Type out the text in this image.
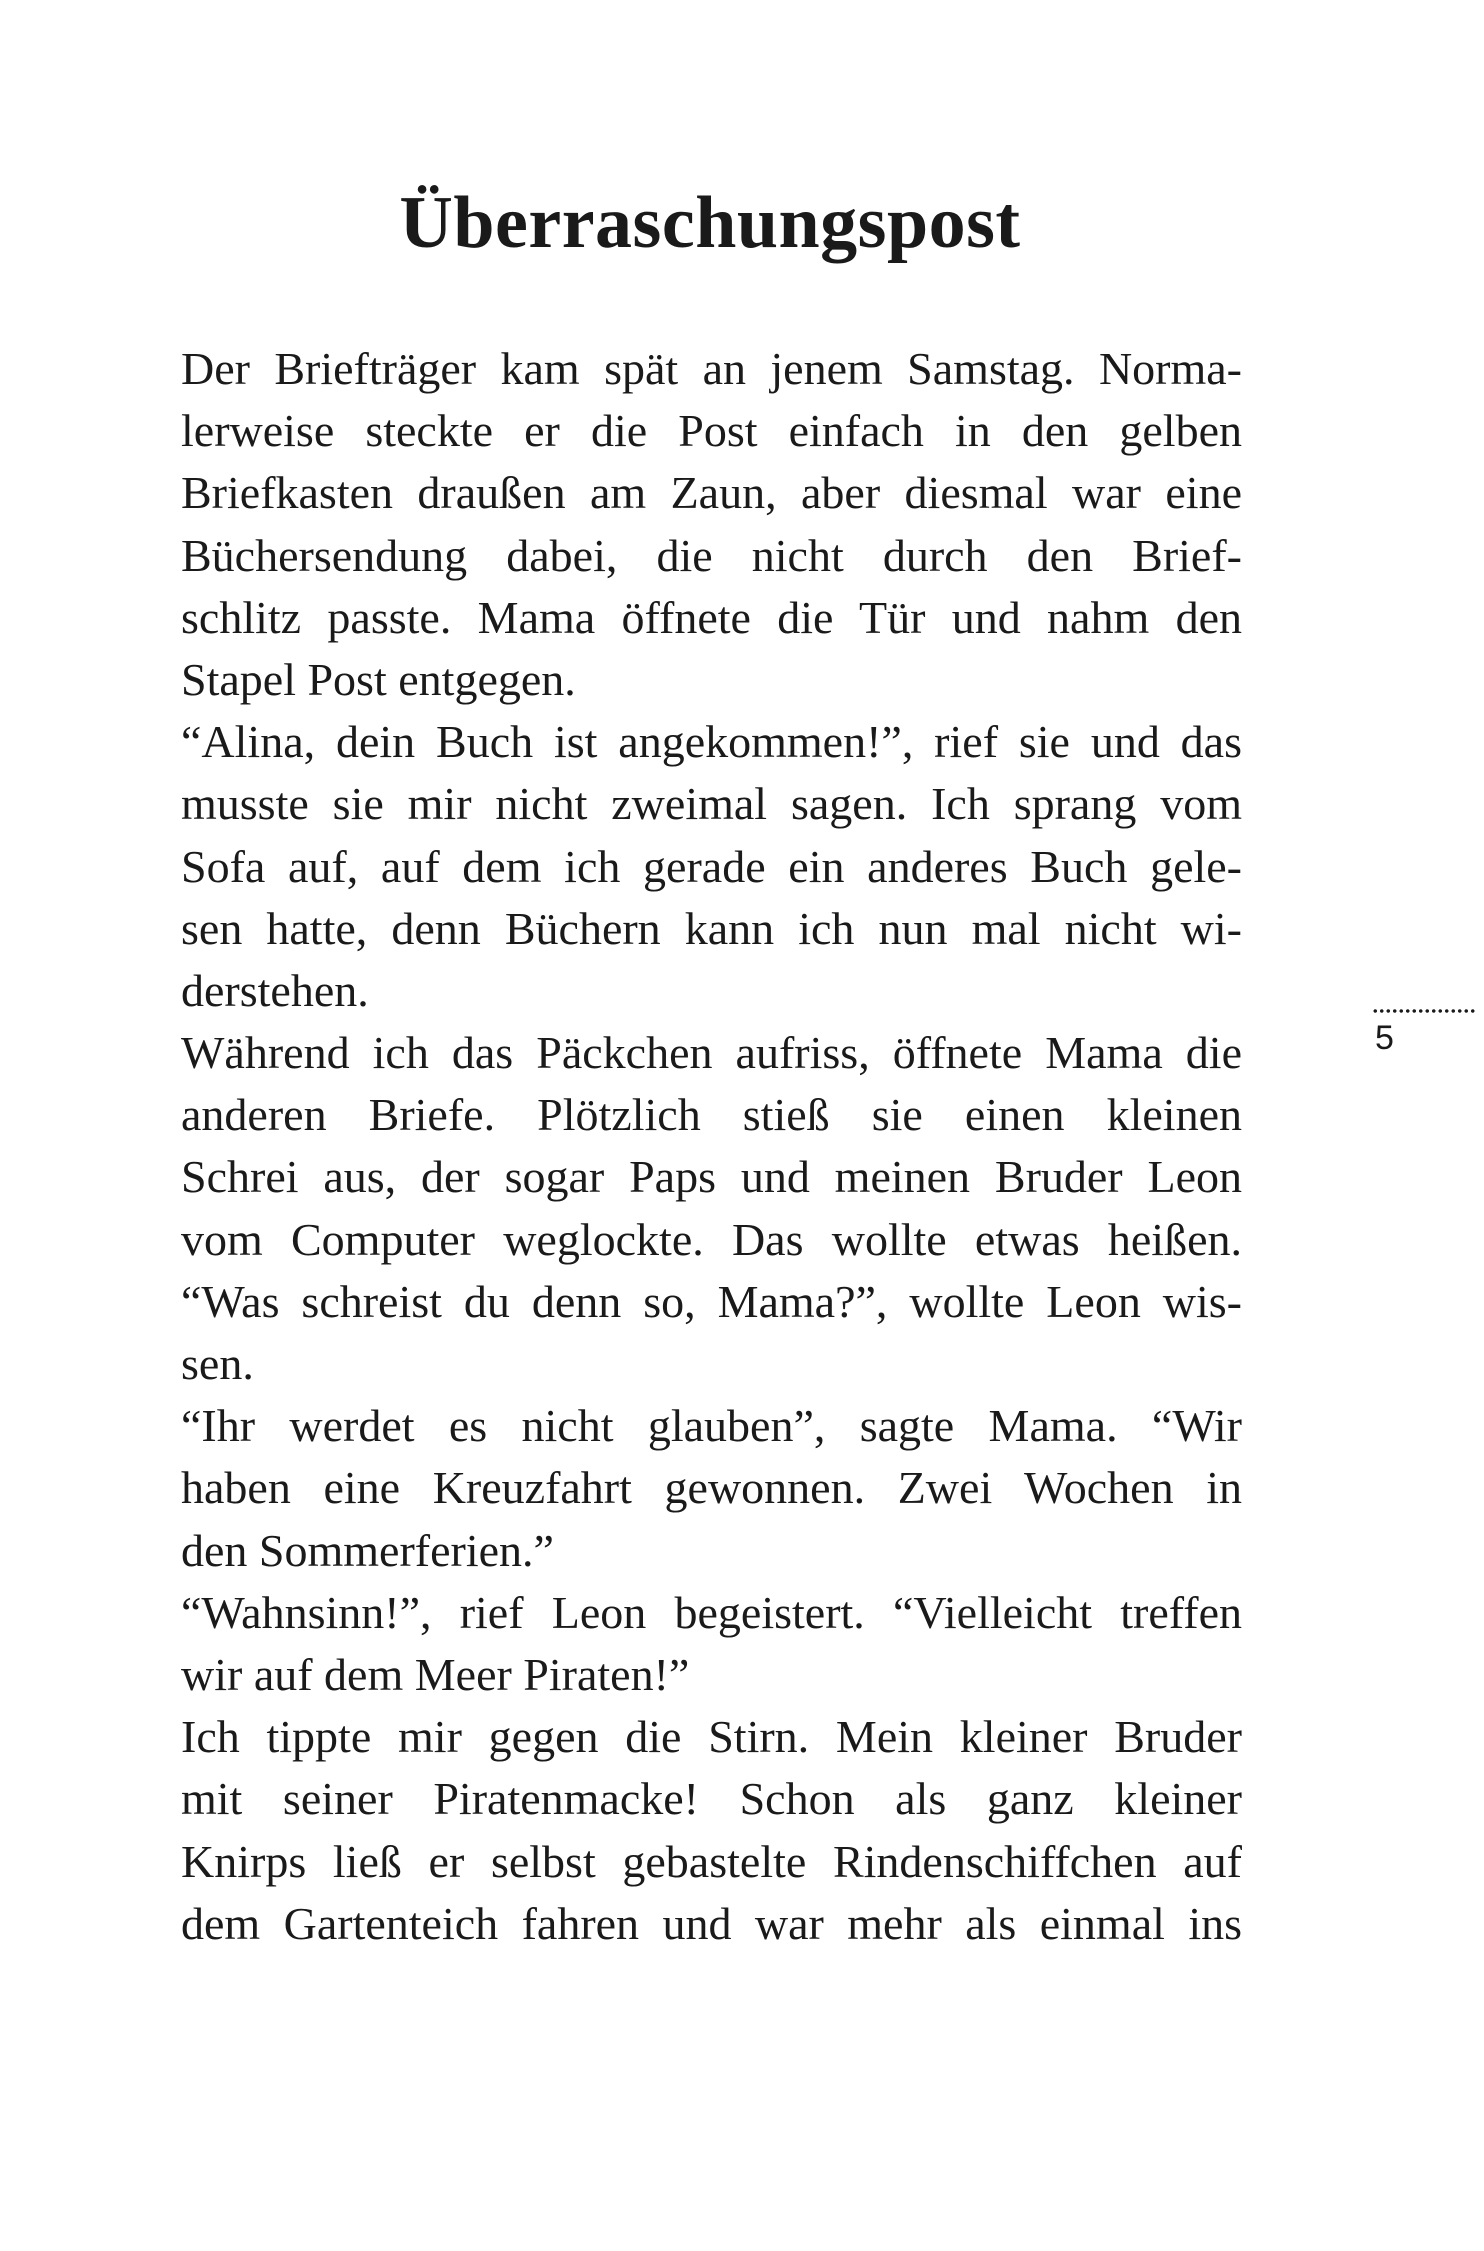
Überraschungspost
Der Briefträger kam spät an jenem Samstag. Norma-
lerweise steckte er die Post einfach in den gelben
Briefkasten draußen am Zaun, aber diesmal war eine
Büchersendung dabei, die nicht durch den Brief-
schlitz passte. Mama öffnete die Tür und nahm den
Stapel Post entgegen.
“Alina, dein Buch ist angekommen!”, rief sie und das
musste sie mir nicht zweimal sagen. Ich sprang vom
Sofa auf, auf dem ich gerade ein anderes Buch gele-
sen hatte, denn Büchern kann ich nun mal nicht wi-
derstehen.
Während ich das Päckchen aufriss, öffnete Mama die
anderen Briefe. Plötzlich stieß sie einen kleinen
Schrei aus, der sogar Paps und meinen Bruder Leon
vom Computer weglockte. Das wollte etwas heißen.
“Was schreist du denn so, Mama?”, wollte Leon wis-
sen.
“Ihr werdet es nicht glauben”, sagte Mama. “Wir
haben eine Kreuzfahrt gewonnen. Zwei Wochen in
den Sommerferien.”
“Wahnsinn!”, rief Leon begeistert. “Vielleicht treffen
wir auf dem Meer Piraten!”
Ich tippte mir gegen die Stirn. Mein kleiner Bruder
mit seiner Piratenmacke! Schon als ganz kleiner
Knirps ließ er selbst gebastelte Rindenschiffchen auf
dem Gartenteich fahren und war mehr als einmal ins
5
